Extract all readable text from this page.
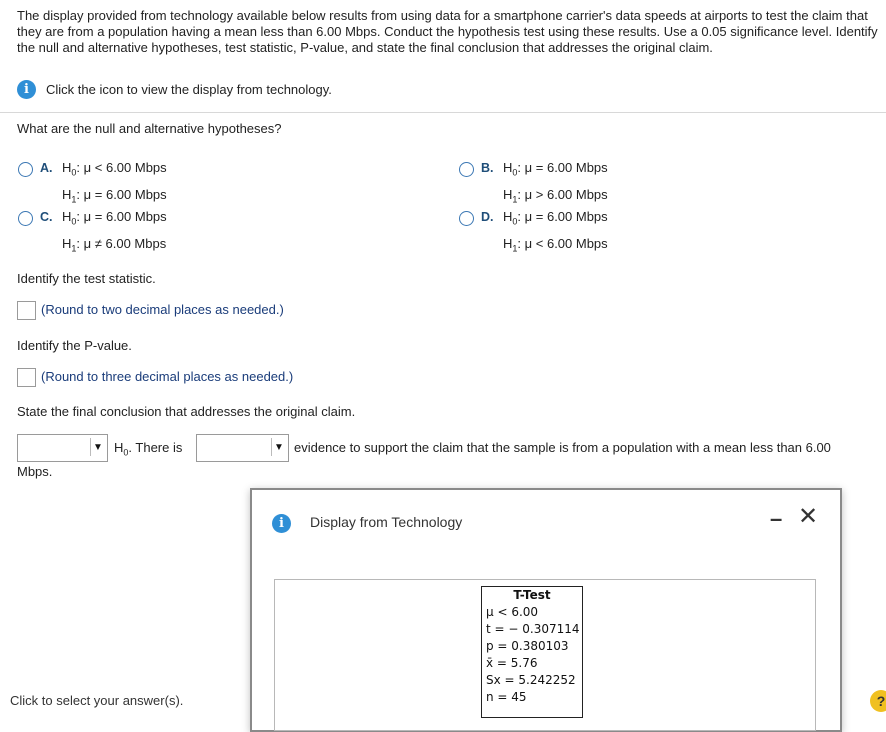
The display provided from technology available below results from using data for a smartphone carrier's data speeds at airports to test the claim that they are from a population having a mean less than 6.00 Mbps. Conduct the hypothesis test using these results. Use a 0.05 significance level. Identify the null and alternative hypotheses, test statistic, P-value, and state the final conclusion that addresses the original claim.
i	Click the icon to view the display from technology.
What are the null and alternative hypotheses?
A. $H_0$: μ < 6.00 Mbps
$H_1$: μ = 6.00 Mbps
B. $H_0$: μ = 6.00 Mbps
$H_1$: μ > 6.00 Mbps
C. $H_0$: μ = 6.00 Mbps
$H_1$: μ ≠ 6.00 Mbps
D. $H_0$: μ = 6.00 Mbps
$H_1$: μ < 6.00 Mbps
Identify the test statistic.
(Round to two decimal places as needed.)
Identify the P-value.
(Round to three decimal places as needed.)
State the final conclusion that addresses the original claim.
▼ $H_0$. There is	▼ evidence to support the claim that the sample is from a population with a mean less than 6.00
Mbps.
i	Display from Technology	– ✕
T-Test
μ < 6.00
t = − 0.307114
p = 0.380103
x̄ = 5.76
Sx = 5.242252
n = 45
Click to select your answer(s).	?
